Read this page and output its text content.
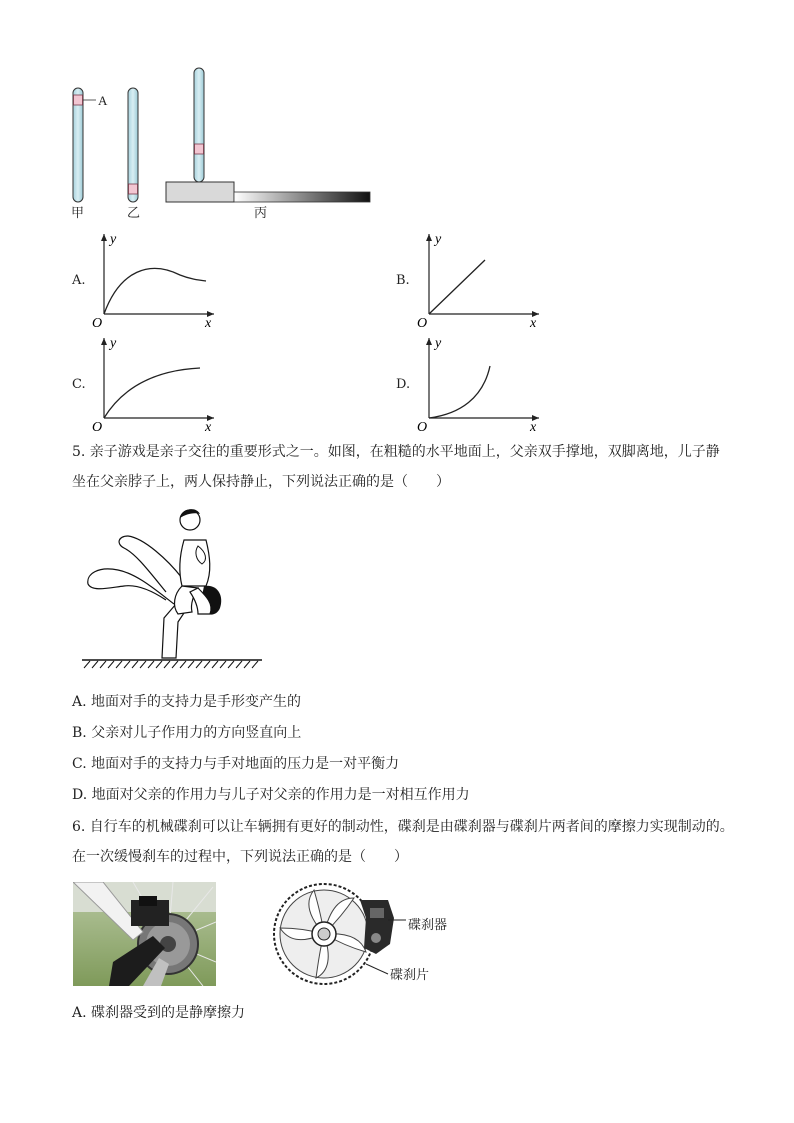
A
甲	乙	丙
A.
y
x
O
B.
y
x
O
C.
y
x
O
D.
y
x
O
5. 亲子游戏是亲子交往的重要形式之一。如图，在粗糙的水平地面上，父亲双手撑地，双脚离地，儿子静
坐在父亲脖子上，两人保持静止，下列说法正确的是（　　）
A. 地面对手的支持力是手形变产生的
B. 父亲对儿子作用力的方向竖直向上
C. 地面对手的支持力与手对地面的压力是一对平衡力
D. 地面对父亲的作用力与儿子对父亲的作用力是一对相互作用力
6. 自行车的机械碟刹可以让车辆拥有更好的制动性，碟刹是由碟刹器与碟刹片两者间的摩擦力实现制动的。
在一次缓慢刹车的过程中，下列说法正确的是（　　）
碟刹器
碟刹片
A. 碟刹器受到的是静摩擦力
